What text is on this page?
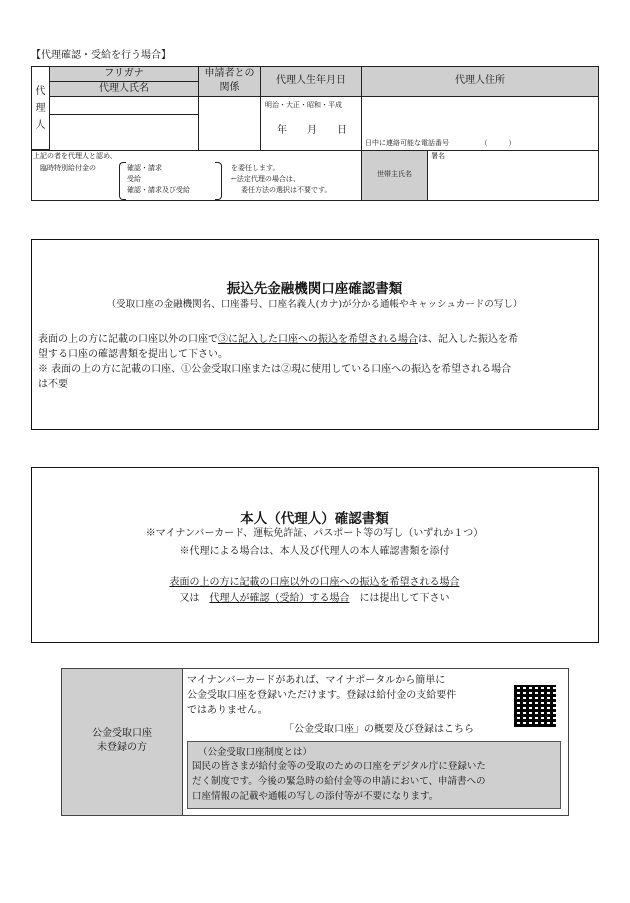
【代理確認・受給を行う場合】
代
理
人
フリガナ
代理人氏名
申請者との
関係
代理人生年月日	代理人住所
明治・大正・昭和・平成
年　　月　　日
日中に連絡可能な電話番号　　　　　（　　　）
上記の者を代理人と認め、
臨時特別給付金の	確認・請求
受給
確認・請求及び受給
を委任します。
←法定代理の場合は、
委任方法の選択は不要です。
世帯主氏名
署名
振込先金融機関口座確認書類
（受取口座の金融機関名、口座番号、口座名義人(カナ)が分かる通帳やキャッシュカードの写し）
表面の上の方に記載の口座以外の口座で③に記入した口座への振込を希望される場合は、記入した振込を希
望する口座の確認書類を提出して下さい。
※ 表面の上の方に記載の口座、①公金受取口座または②現に使用している口座への振込を希望される場合
は不要
本人（代理人）確認書類
※マイナンバーカード、運転免許証、パスポート等の写し（いずれか１つ）
※代理による場合は、本人及び代理人の本人確認書類を添付
表面の上の方に記載の口座以外の口座への振込を希望される場合
又は　 代理人が確認（受給）する場合　 には提出して下さい
公金受取口座
未登録の方
マイナンバーカードがあれば、マイナポータルから簡単に
公金受取口座を登録いただけます。登録は給付金の支給要件
ではありません。
「公金受取口座」の概要及び登録はこちら
（公金受取口座制度とは）
国民の皆さまが給付金等の受取のための口座をデジタル庁に登録いた
だく制度です。今後の緊急時の給付金等の申請において、申請書への
口座情報の記載や通帳の写しの添付等が不要になります。
